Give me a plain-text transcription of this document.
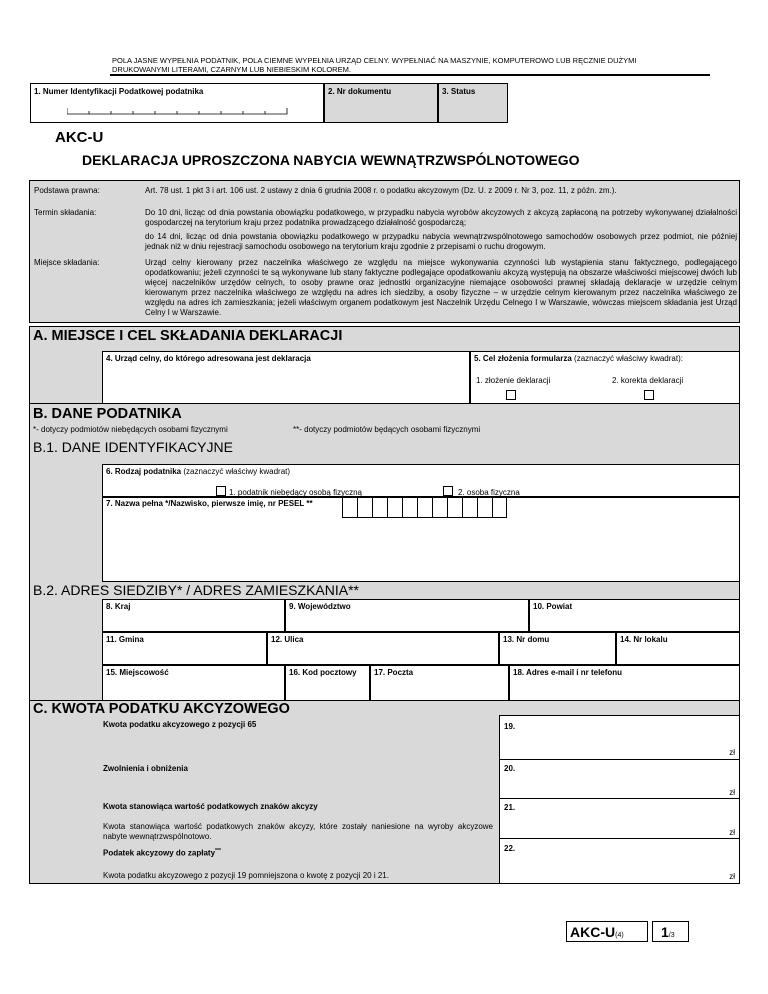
POLA JASNE WYPEŁNIA PODATNIK, POLA CIEMNE WYPEŁNIA URZĄD CELNY. WYPEŁNIAĆ NA MASZYNIE, KOMPUTEROWO LUB RĘCZNIE DUŻYMI
DRUKOWANYMI LITERAMI, CZARNYM LUB NIEBIESKIM KOLOREM.
1. Numer Identyfikacji Podatkowej podatnika	2. Nr dokumentu	3. Status
AKC-U
DEKLARACJA UPROSZCZONA NABYCIA WEWNĄTRZWSPÓLNOTOWEGO
Podstawa prawna:	Art. 78 ust. 1 pkt 3 i art. 106 ust. 2 ustawy z dnia 6 grudnia 2008 r. o podatku akcyzowym (Dz. U. z 2009 r. Nr 3, poz. 11, z późn. zm.).
Termin składania:	Do 10 dni, licząc od dnia powstania obowiązku podatkowego, w przypadku nabycia wyrobów akcyzowych z akcyzą zapłaconą na potrzeby wykonywanej działalności gospodarczej na terytorium kraju przez podatnika prowadzącego działalność gospodarczą;
do 14 dni, licząc od dnia powstania obowiązku podatkowego w przypadku nabycia wewnątrzwspólnotowego samochodów osobowych przez podmiot, nie później jednak niż w dniu rejestracji samochodu osobowego na terytorium kraju zgodnie z przepisami o ruchu drogowym.
Miejsce składania:	Urząd celny kierowany przez naczelnika właściwego ze względu na miejsce wykonywania czynności lub wystąpienia stanu faktycznego, podlegającego opodatkowaniu; jeżeli czynności te są wykonywane lub stany faktyczne podlegające opodatkowaniu akcyzą występują na obszarze właściwości miejscowej dwóch lub więcej naczelników urzędów celnych, to osoby prawne oraz jednostki organizacyjne niemające osobowości prawnej składają deklaracje w urzędzie celnym kierowanym przez naczelnika właściwego ze względu na adres ich siedziby, a osoby fizyczne – w urzędzie celnym kierowanym przez naczelnika właściwego ze względu na adres ich zamieszkania; jeżeli właściwym organem podatkowym jest Naczelnik Urzędu Celnego I w Warszawie, wówczas miejscem składania jest Urząd Celny I w Warszawie.
A. MIEJSCE I CEL SKŁADANIA DEKLARACJI
4. Urząd celny, do którego adresowana jest deklaracja	5. Cel złożenia formularza (zaznaczyć właściwy kwadrat):
1. złożenie deklaracji	2. korekta deklaracji
B. DANE PODATNIKA
*- dotyczy podmiotów niebędących osobami fizycznymi	**- dotyczy podmiotów będących osobami fizycznymi
B.1. DANE IDENTYFIKACYJNE
6. Rodzaj podatnika (zaznaczyć właściwy kwadrat)
1. podatnik niebędący osobą fizyczną	2. osoba fizyczna
7. Nazwa pełna */Nazwisko, pierwsze imię, nr PESEL **
B.2. ADRES SIEDZIBY* / ADRES ZAMIESZKANIA**
8. Kraj	9. Województwo	10. Powiat
11. Gmina	12. Ulica	13. Nr domu	14. Nr lokalu
15. Miejscowość	16. Kod pocztowy	17. Poczta	18. Adres e-mail i nr telefonu
C. KWOTA PODATKU AKCYZOWEGO
Kwota podatku akcyzowego z pozycji 65	19.
zł
Zwolnienia i obniżenia	20.
zł
Kwota stanowiąca wartość podatkowych znaków akcyzy
Kwota stanowiąca wartość podatkowych znaków akcyzy, które zostały naniesione na wyroby akcyzowe nabyte wewnątrzwspólnotowo.
21.
zł
Podatek akcyzowy do zapłaty***
Kwota podatku akcyzowego z pozycji 19 pomniejszona o kwotę z pozycji 20 i 21.
22.
zł
AKC-U(4)	1/3
